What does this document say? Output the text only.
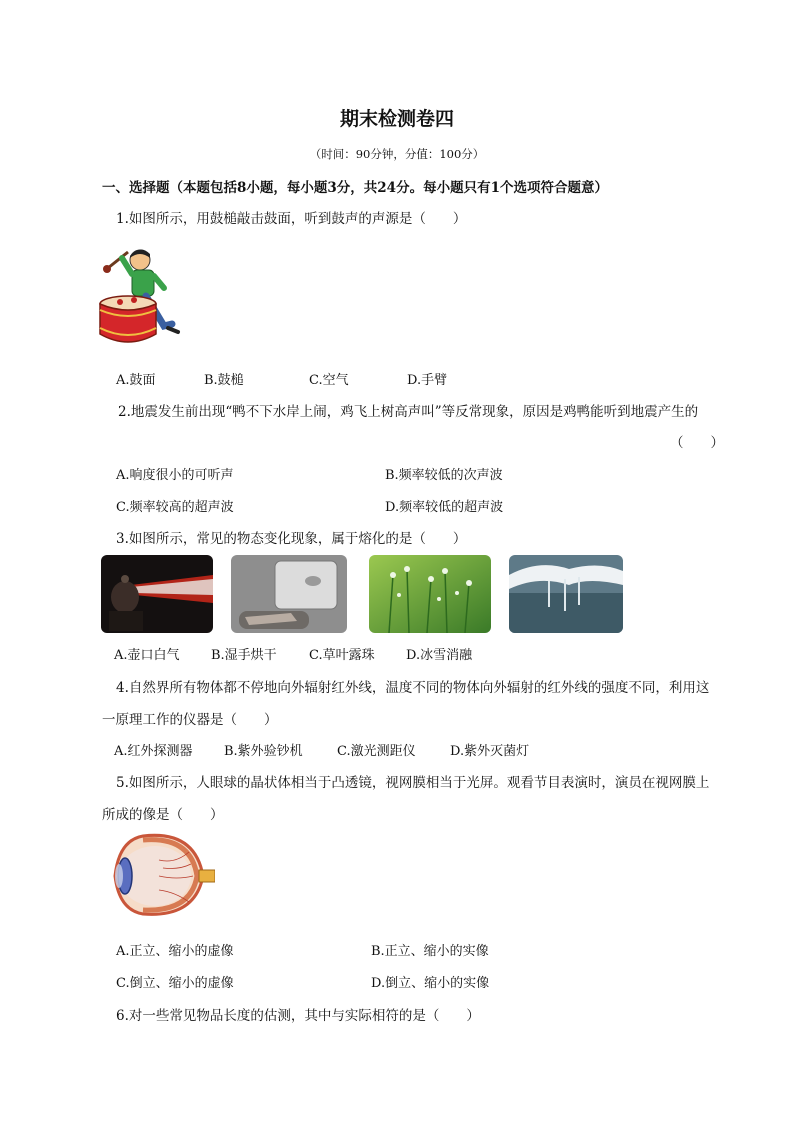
期末检测卷四
（时间：90分钟，分值：100分）
一、选择题（本题包括8小题，每小题3分，共24分。每小题只有1个选项符合题意）
1.如图所示，用鼓槌敲击鼓面，听到鼓声的声源是（　　）
A.鼓面	B.鼓槌	C.空气	D.手臂
2.地震发生前出现“鸭不下水岸上闹，鸡飞上树高声叫”等反常现象，原因是鸡鸭能听到地震产生的
（　　）
A.响度很小的可听声	B.频率较低的次声波
C.频率较高的超声波	D.频率较低的超声波
3.如图所示，常见的物态变化现象，属于熔化的是（　　）
A.壶口白气 B.湿手烘干 C.草叶露珠 D.冰雪消融
4.自然界所有物体都不停地向外辐射红外线，温度不同的物体向外辐射的红外线的强度不同，利用这
一原理工作的仪器是（　　）
A.红外探测器 B.紫外验钞机	C.激光测距仪	D.紫外灭菌灯
5.如图所示，人眼球的晶状体相当于凸透镜，视网膜相当于光屏。观看节目表演时，演员在视网膜上
所成的像是（　　）
A.正立、缩小的虚像	B.正立、缩小的实像
C.倒立、缩小的虚像	D.倒立、缩小的实像
6.对一些常见物品长度的估测，其中与实际相符的是（　　）
